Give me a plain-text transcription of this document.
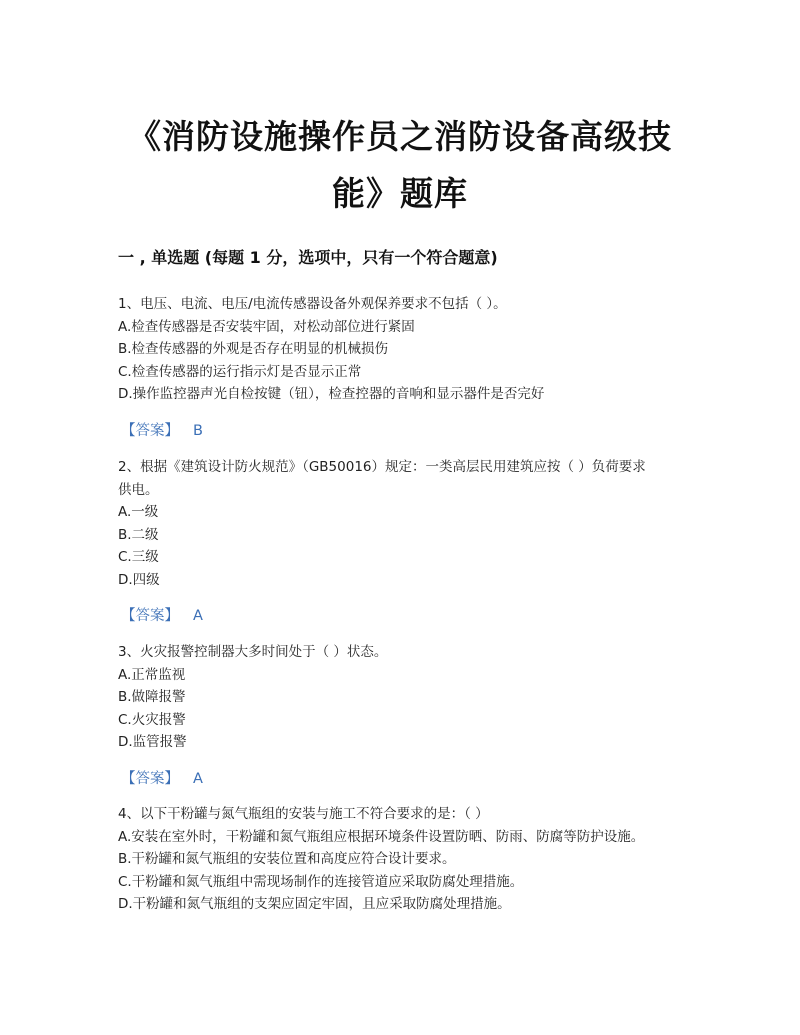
《消防设施操作员之消防设备高级技
能》题库
一 , 单选题 (每题 1 分，选项中，只有一个符合题意)
1、电压、电流、电压/电流传感器设备外观保养要求不包括（ ）。
A.检查传感器是否安装牢固，对松动部位进行紧固
B.检查传感器的外观是否存在明显的机械损伤
C.检查传感器的运行指示灯是否显示正常
D.操作监控器声光自检按键（钮），检查控器的音响和显示器件是否完好
【答案】 B
2、根据《建筑设计防火规范》（GB50016）规定：一类高层民用建筑应按（ ）负荷要求
供电。
A.一级
B.二级
C.三级
D.四级
【答案】 A
3、火灾报警控制器大多时间处于（ ）状态。
A.正常监视
B.做障报警
C.火灾报警
D.监管报警
【答案】 A
4、以下干粉罐与氮气瓶组的安装与施工不符合要求的是：（ ）
A.安装在室外时，干粉罐和氮气瓶组应根据环境条件设置防晒、防雨、防腐等防护设施。
B.干粉罐和氮气瓶组的安装位置和高度应符合设计要求。
C.干粉罐和氮气瓶组中需现场制作的连接管道应采取防腐处理措施。
D.干粉罐和氮气瓶组的支架应固定牢固，且应采取防腐处理措施。
